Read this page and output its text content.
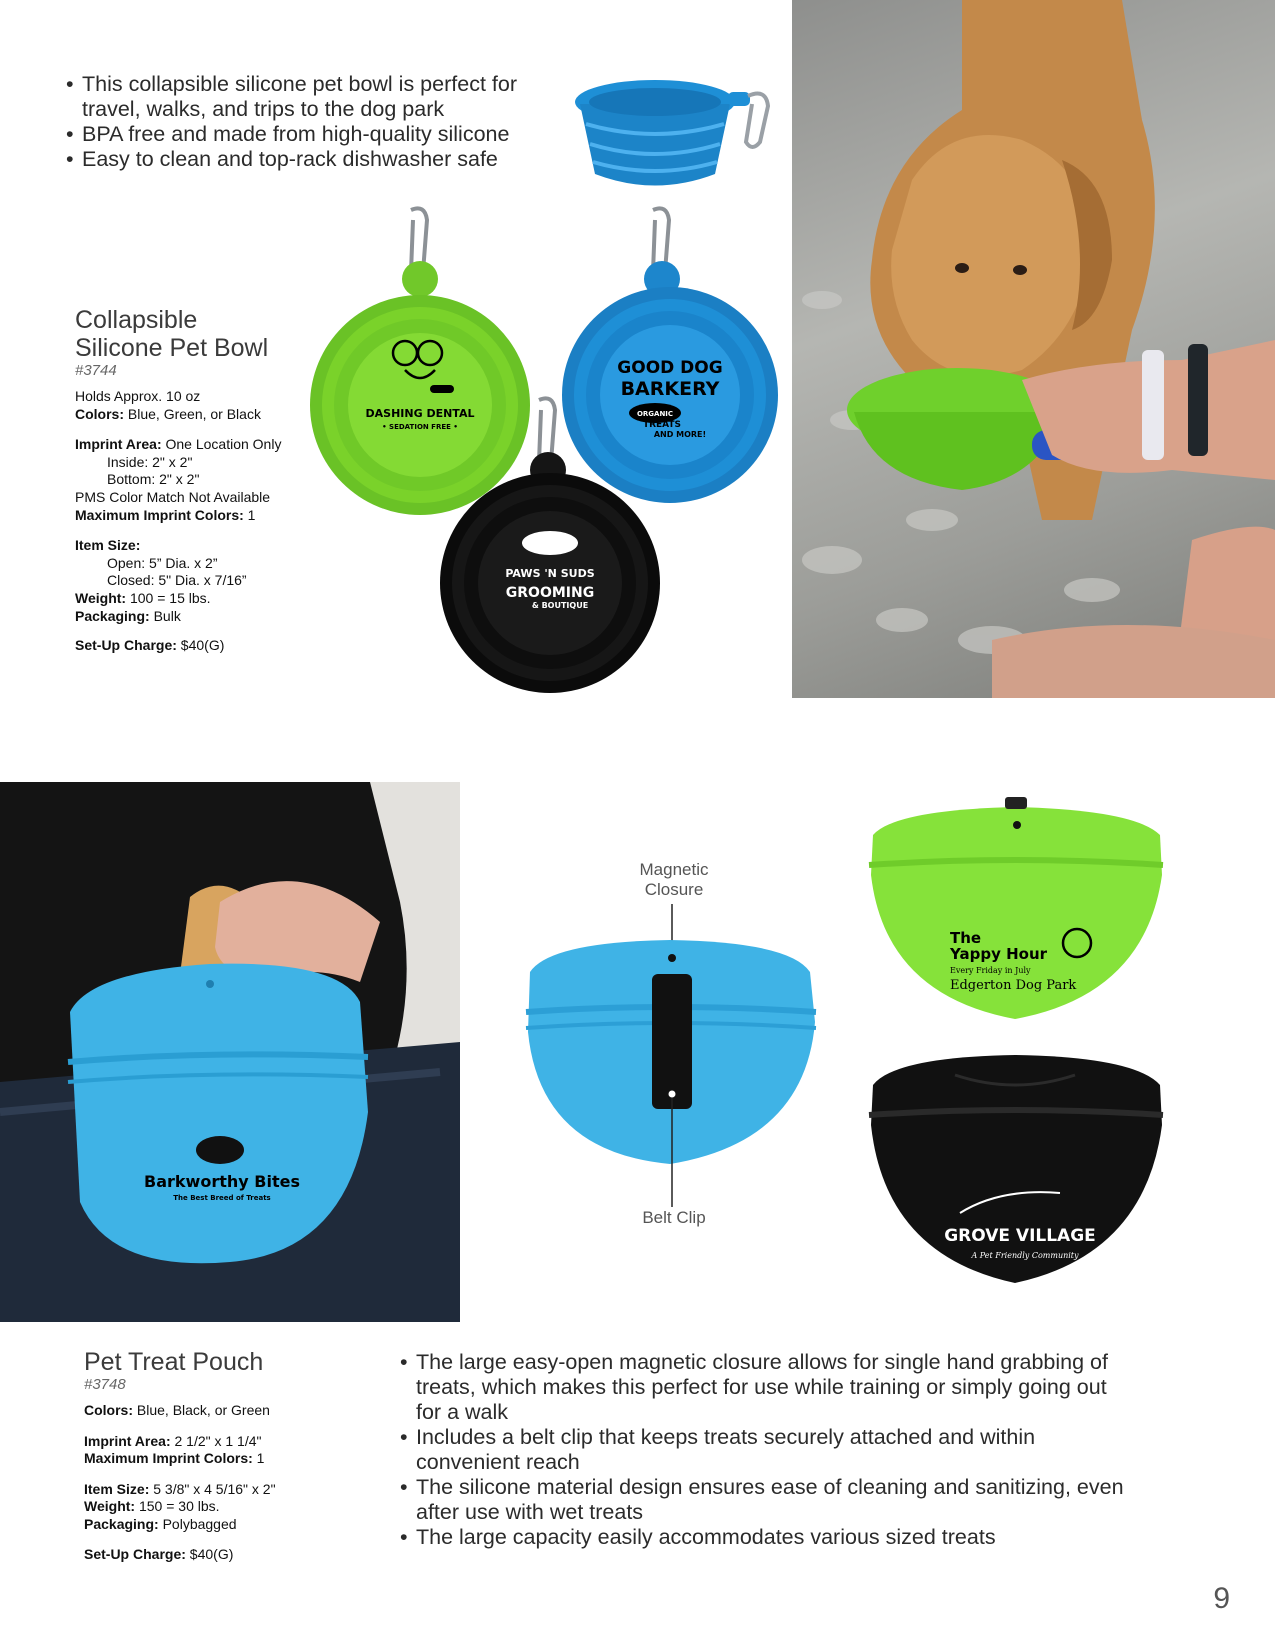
• This collapsible silicone pet bowl is perfect for travel, walks, and trips to the dog park
• BPA free and made from high-quality silicone
• Easy to clean and top-rack dishwasher safe
Collapsible
Silicone Pet Bowl
#3744
Holds Approx. 10 oz
Colors: Blue, Green, or Black
Imprint Area: One Location Only
Inside: 2" x 2"
Bottom: 2" x 2"
PMS Color Match Not Available
Maximum Imprint Colors: 1
Item Size:
Open: 5” Dia. x 2”
Closed: 5" Dia. x 7/16”
Weight: 100 = 15 lbs.
Packaging: Bulk
Set-Up Charge: $40(G)
DASHING DENTAL
• SEDATION FREE •
GOOD DOG
BARKERY
ORGANIC
TREATS
AND MORE!
PAWS 'N SUDS
GROOMING
& BOUTIQUE
Barkworthy Bites
The Best Breed of Treats
Magnetic
Closure
Belt Clip
The
Yappy Hour
Every Friday in July
Edgerton Dog Park
GROVE VILLAGE
A Pet Friendly Community
Pet Treat Pouch
#3748
Colors: Blue, Black, or Green
Imprint Area: 2 1/2" x 1 1/4"
Maximum Imprint Colors: 1
Item Size: 5 3/8" x 4 5/16" x 2"
Weight: 150 = 30 lbs.
Packaging: Polybagged
Set-Up Charge: $40(G)
• The large easy-open magnetic closure allows for single hand grabbing of treats, which makes this perfect for use while training or simply going out for a walk
• Includes a belt clip that keeps treats securely attached and within convenient reach
• The silicone material design ensures ease of cleaning and sanitizing, even after use with wet treats
• The large capacity easily accommodates various sized treats
9
